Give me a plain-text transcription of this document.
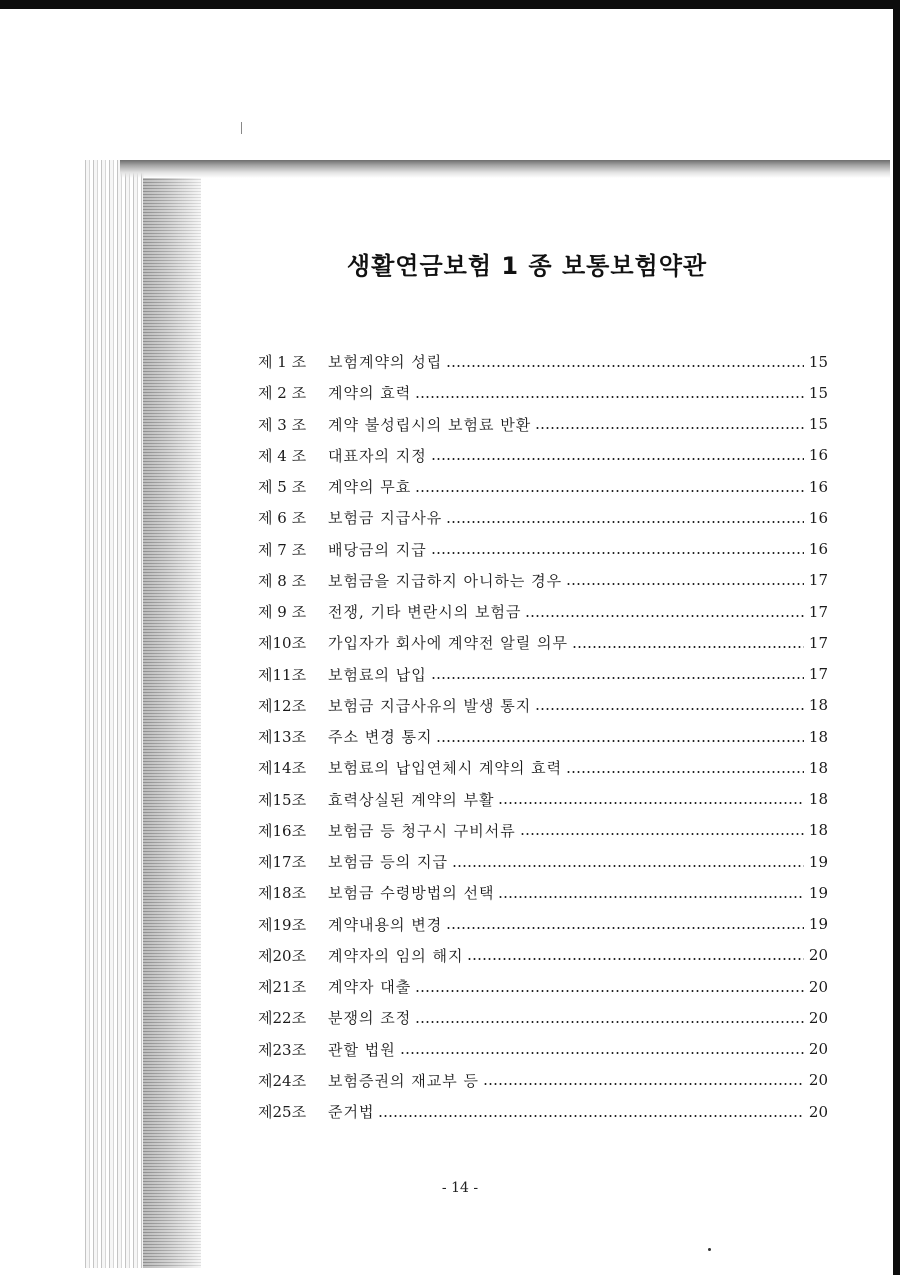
생활연금보험 1 종 보통보험약관
제 1 조	보험계약의 성립	15
제 2 조	계약의 효력	15
제 3 조	계약 불성립시의 보험료 반환	15
제 4 조	대표자의 지정	16
제 5 조	계약의 무효	16
제 6 조	보험금 지급사유	16
제 7 조	배당금의 지급	16
제 8 조	보험금을 지급하지 아니하는 경우	17
제 9 조	전쟁, 기타 변란시의 보험금	17
제10조	가입자가 회사에 계약전 알릴 의무	17
제11조	보험료의 납입	17
제12조	보험금 지급사유의 발생 통지	18
제13조	주소 변경 통지	18
제14조	보험료의 납입연체시 계약의 효력	18
제15조	효력상실된 계약의 부활	18
제16조	보험금 등 청구시 구비서류	18
제17조	보험금 등의 지급	19
제18조	보험금 수령방법의 선택	19
제19조	계약내용의 변경	19
제20조	계약자의 임의 해지	20
제21조	계약자 대출	20
제22조	분쟁의 조정	20
제23조	관할 법원	20
제24조	보험증권의 재교부 등	20
제25조	준거법	20
- 14 -
